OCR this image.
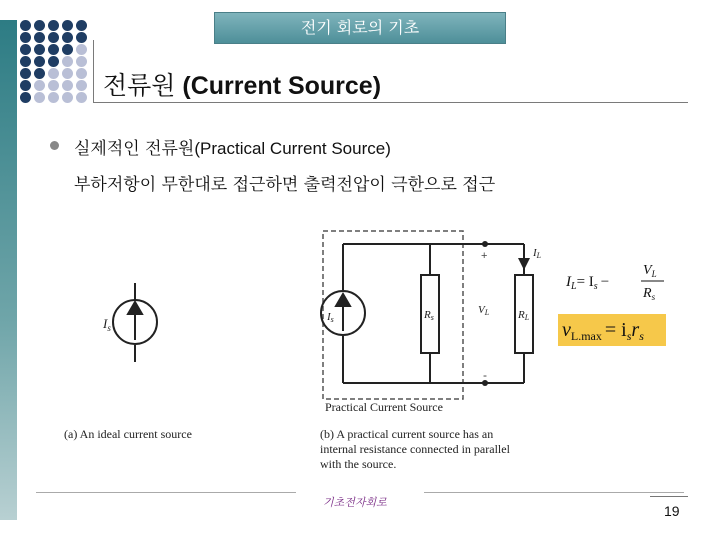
전기 회로의 기초
전류원 (Current Source)
실제적인 전류원(Practical Current Source)
부하저항이 무한대로 접근하면 출력전압이 극한으로 접근
$I_s$
Is	Rs
VL	RL
IL
+
-
Practical Current Source
$I_L= I_s$ −
$V_L$
$R_s$
$v_{L.max} = i_sr_s$
(a) An ideal current source	(b) A practical current source has an
internal resistance connected in parallel
with the source.
기초전자회로
19
